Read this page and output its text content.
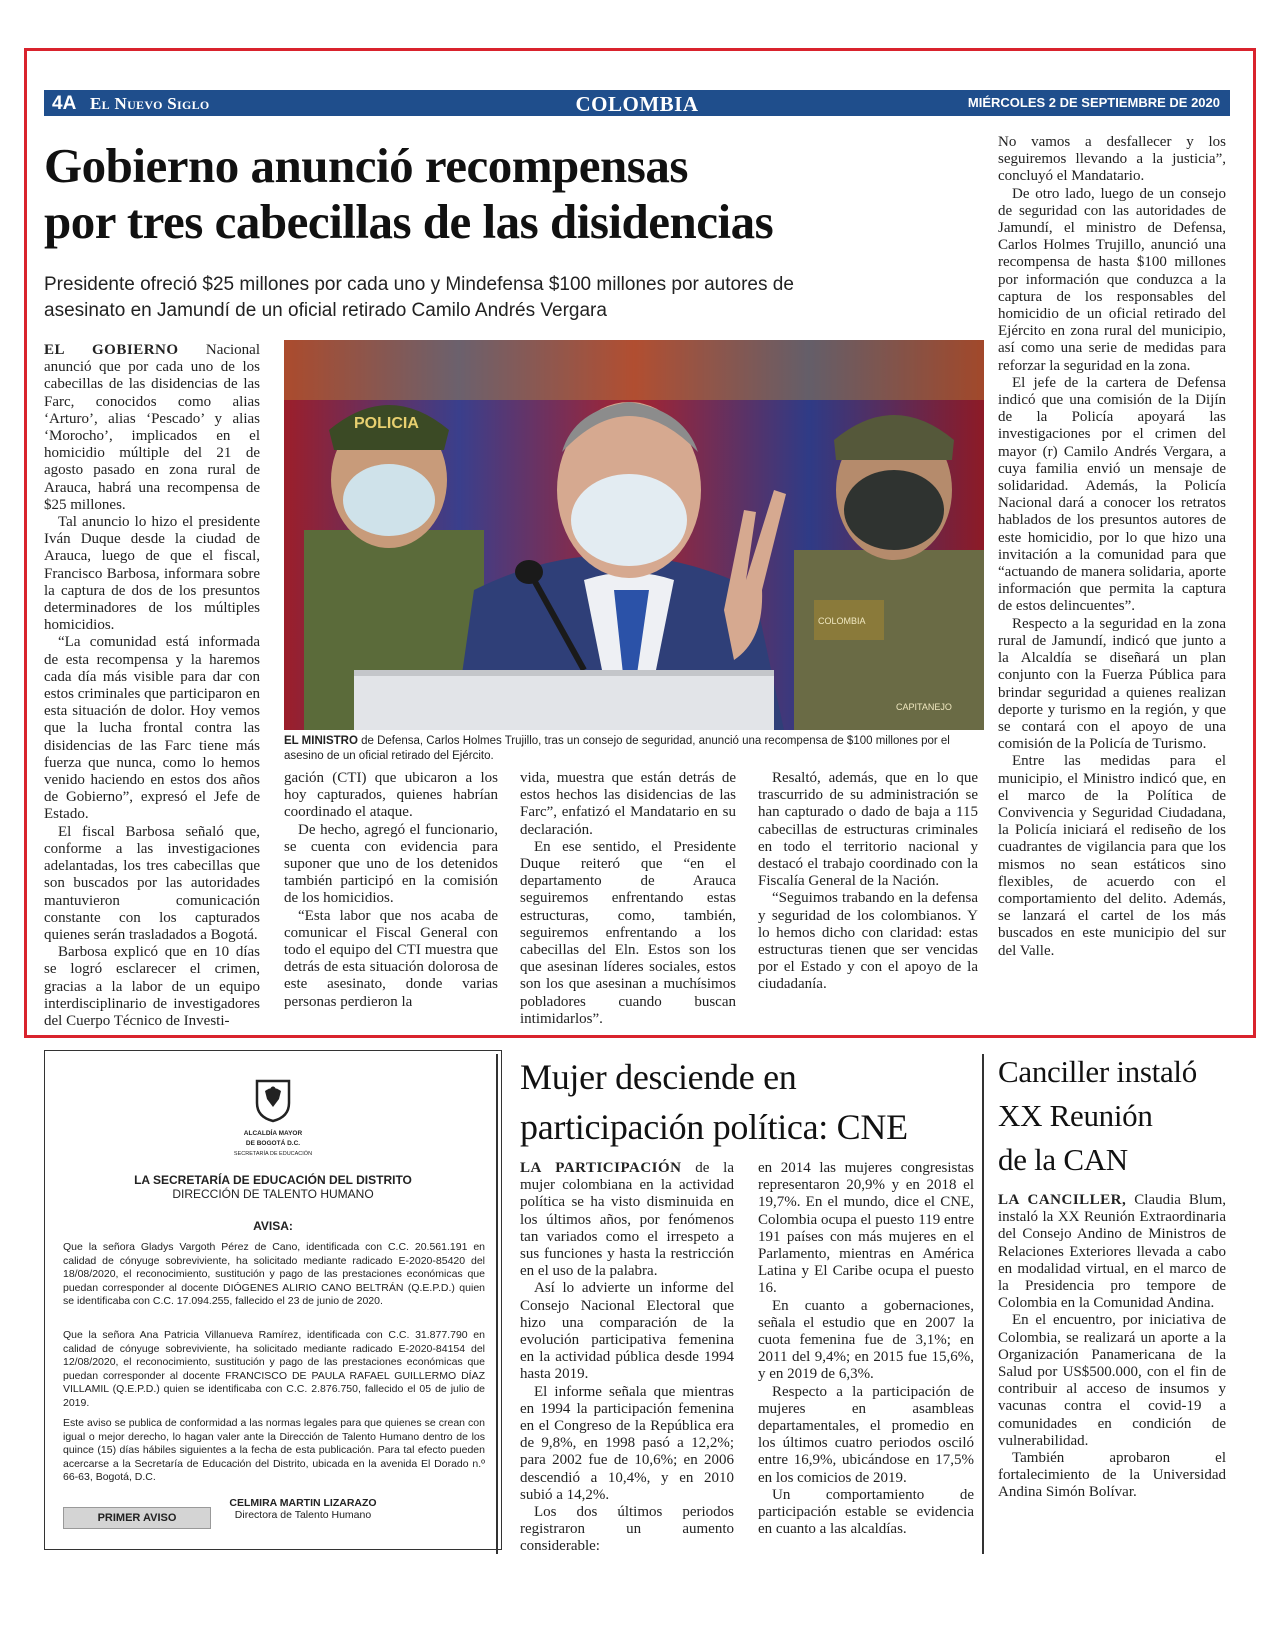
4A El Nuevo Siglo	COLOMBIA	MIÉRCOLES 2 DE SEPTIEMBRE DE 2020
Gobierno anunció recompensas
por tres cabecillas de las disidencias
Presidente ofreció $25 millones por cada uno y Mindefensa $100 millones por autores de
asesinato en Jamundí de un oficial retirado Camilo Andrés Vergara

EL GOBIERNO Nacional anunció que por cada uno de los cabecillas de las disidencias de las Farc, conocidos como alias ‘Arturo’, alias ‘Pescado’ y alias ‘Morocho’, implicados en el homicidio múltiple del 21 de agosto pasado en zona rural de Arauca, habrá una recompensa de $25 millones.

Tal anuncio lo hizo el presidente Iván Duque desde la ciudad de Arauca, luego de que el fiscal, Francisco Barbosa, informara sobre la captura de dos de los presuntos determinadores de los múltiples homicidios.

“La comunidad está informada de esta recompensa y la haremos cada día más visible para dar con estos criminales que participaron en esta situación de dolor. Hoy vemos que la lucha frontal contra las disidencias de las Farc tiene más fuerza que nunca, como lo hemos venido haciendo en estos dos años de Gobierno”, expresó el Jefe de Estado.

El fiscal Barbosa señaló que, conforme a las investigaciones adelantadas, los tres cabecillas que son buscados por las autoridades mantuvieron comunicación constante con los capturados quienes serán trasladados a Bogotá.

Barbosa explicó que en 10 días se logró esclarecer el crimen, gracias a la labor de un equipo interdisciplinario de investigadores del Cuerpo Técnico de Investi-

POLICIA
COLOMBIA
CAPITANEJO
EL MINISTRO de Defensa, Carlos Holmes Trujillo, tras un consejo de seguridad, anunció una recompensa de $100 millones por el asesino de un oficial retirado del Ejército.

gación (CTI) que ubicaron a los hoy capturados, quienes habrían coordinado el ataque.

De hecho, agregó el funcionario, se cuenta con evidencia para suponer que uno de los detenidos también participó en la comisión de los homicidios.

“Esta labor que nos acaba de comunicar el Fiscal General con todo el equipo del CTI muestra que detrás de esta situación dolorosa de este asesinato, donde varias personas perdieron la

vida, muestra que están detrás de estos hechos las disidencias de las Farc”, enfatizó el Mandatario en su declaración.

En ese sentido, el Presidente Duque reiteró que “en el departamento de Arauca seguiremos enfrentando estas estructuras, como, también, seguiremos enfrentando a los cabecillas del Eln. Estos son los que asesinan líderes sociales, estos son los que asesinan a muchísimos pobladores cuando buscan intimidarlos”.

Resaltó, además, que en lo que trascurrido de su administración se han capturado o dado de baja a 115 cabecillas de estructuras criminales en todo el territorio nacional y destacó el trabajo coordinado con la Fiscalía General de la Nación.

“Seguimos trabando en la defensa y seguridad de los colombianos. Y lo hemos dicho con claridad: estas estructuras tienen que ser vencidas por el Estado y con el apoyo de la ciudadanía.

No vamos a desfallecer y los seguiremos llevando a la justicia”, concluyó el Mandatario.

De otro lado, luego de un consejo de seguridad con las autoridades de Jamundí, el ministro de Defensa, Carlos Holmes Trujillo, anunció una recompensa de hasta $100 millones por información que conduzca a la captura de los responsables del homicidio de un oficial retirado del Ejército en zona rural del municipio, así como una serie de medidas para reforzar la seguridad en la zona.

El jefe de la cartera de Defensa indicó que una comisión de la Dijín de la Policía apoyará las investigaciones por el crimen del mayor (r) Camilo Andrés Vergara, a cuya familia envió un mensaje de solidaridad. Además, la Policía Nacional dará a conocer los retratos hablados de los presuntos autores de este homicidio, por lo que hizo una invitación a la comunidad para que “actuando de manera solidaria, aporte información que permita la captura de estos delincuentes”.

Respecto a la seguridad en la zona rural de Jamundí, indicó que junto a la Alcaldía se diseñará un plan conjunto con la Fuerza Pública para brindar seguridad a quienes realizan deporte y turismo en la región, y que se contará con el apoyo de una comisión de la Policía de Turismo.

Entre las medidas para el municipio, el Ministro indicó que, en el marco de la Política de Convivencia y Seguridad Ciudadana, la Policía iniciará el rediseño de los cuadrantes de vigilancia para que los mismos no sean estáticos sino flexibles, de acuerdo con el comportamiento del delito. Además, se lanzará el cartel de los más buscados en este municipio del sur del Valle.

ALCALDÍA MAYOR
DE BOGOTÁ D.C.
SECRETARÍA DE EDUCACIÓN
LA SECRETARÍA DE EDUCACIÓN DEL DISTRITO
DIRECCIÓN DE TALENTO HUMANO
AVISA:
Que la señora Gladys Vargoth Pérez de Cano, identificada con C.C. 20.561.191 en calidad de cónyuge sobreviviente, ha solicitado mediante radicado E-2020-85420 del 18/08/2020, el reconocimiento, sustitución y pago de las prestaciones económicas que puedan corresponder al docente DIÓGENES ALIRIO CANO BELTRÁN (Q.E.P.D.) quien se identificaba con C.C. 17.094.255, fallecido el 23 de junio de 2020.
Que la señora Ana Patricia Villanueva Ramírez, identificada con C.C. 31.877.790 en calidad de cónyuge sobreviviente, ha solicitado mediante radicado E-2020-84154 del 12/08/2020, el reconocimiento, sustitución y pago de las prestaciones económicas que puedan corresponder al docente FRANCISCO DE PAULA RAFAEL GUILLERMO DÍAZ VILLAMIL (Q.E.P.D.) quien se identificaba con C.C. 2.876.750, fallecido el 05 de julio de 2019.
Este aviso se publica de conformidad a las normas legales para que quienes se crean con igual o mejor derecho, lo hagan valer ante la Dirección de Talento Humano dentro de los quince (15) días hábiles siguientes a la fecha de esta publicación. Para tal efecto pueden acercarse a la Secretaría de Educación del Distrito, ubicada en la avenida El Dorado n.º 66-63, Bogotá, D.C.
CELMIRA MARTIN LIZARAZO
Directora de Talento Humano
PRIMER AVISO
Mujer desciende en
participación política: CNE

LA PARTICIPACIÓN de la mujer colombiana en la actividad política se ha visto disminuida en los últimos años, por fenómenos tan variados como el irrespeto a sus funciones y hasta la restricción en el uso de la palabra.

Así lo advierte un informe del Consejo Nacional Electoral que hizo una comparación de la evolución participativa femenina en la actividad pública desde 1994 hasta 2019.

El informe señala que mientras en 1994 la participación femenina en el Congreso de la República era de 9,8%, en 1998 pasó a 12,2%; para 2002 fue de 10,6%; en 2006 descendió a 10,4%, y en 2010 subió a 14,2%.

Los dos últimos periodos registraron un aumento considerable:

en 2014 las mujeres congresistas representaron 20,9% y en 2018 el 19,7%. En el mundo, dice el CNE, Colombia ocupa el puesto 119 entre 191 países con más mujeres en el Parlamento, mientras en América Latina y El Caribe ocupa el puesto 16.

En cuanto a gobernaciones, señala el estudio que en 2007 la cuota femenina fue de 3,1%; en 2011 del 9,4%; en 2015 fue 15,6%, y en 2019 de 6,3%.

Respecto a la participación de mujeres en asambleas departamentales, el promedio en los últimos cuatro periodos osciló entre 16,9%, ubicándose en 17,5% en los comicios de 2019.

Un comportamiento de participación estable se evidencia en cuanto a las alcaldías.

Canciller instaló
XX Reunión
de la CAN

LA CANCILLER, Claudia Blum, instaló la XX Reunión Extraordinaria del Consejo Andino de Ministros de Relaciones Exteriores llevada a cabo en modalidad virtual, en el marco de la Presidencia pro tempore de Colombia en la Comunidad Andina.

En el encuentro, por iniciativa de Colombia, se realizará un aporte a la Organización Panamericana de la Salud por US$500.000, con el fin de contribuir al acceso de insumos y vacunas contra el covid-19 a comunidades en condición de vulnerabilidad.

También aprobaron el fortalecimiento de la Universidad Andina Simón Bolívar.
